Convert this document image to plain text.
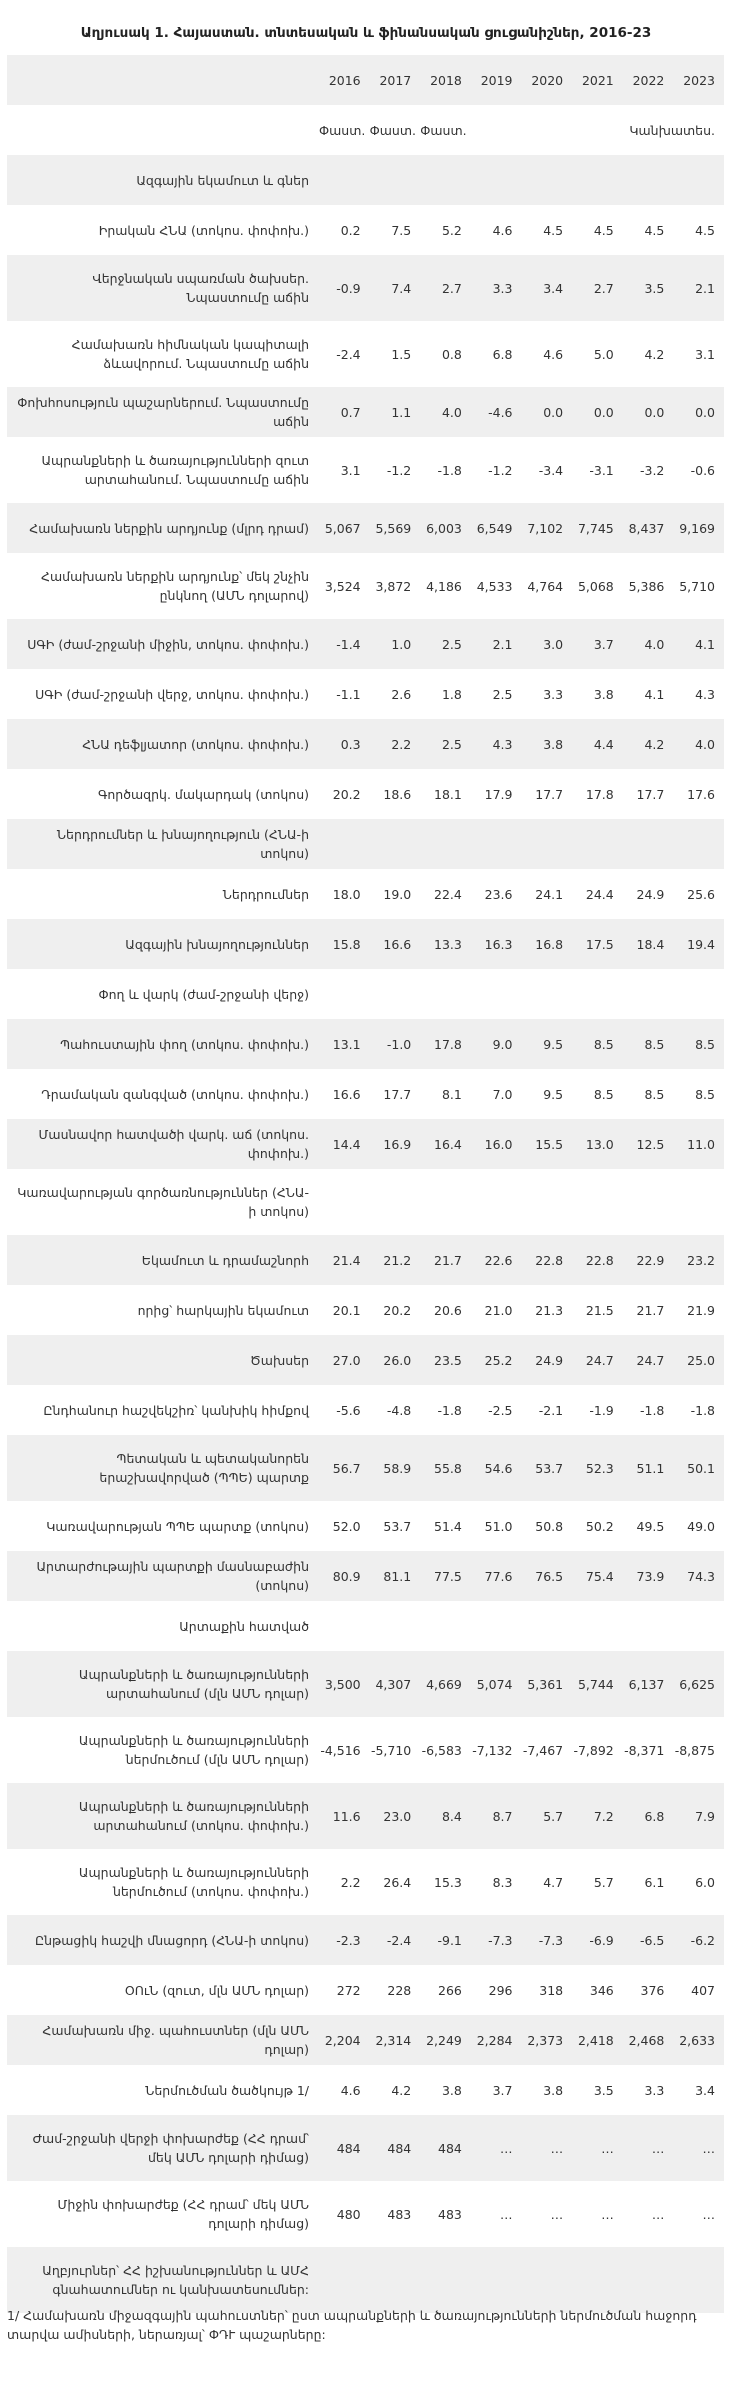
Աղյուսակ 1. Հայաստան. տնտեսական և ֆինանսական ցուցանիշներ, 2016-23
	2016	2017	2018	2019	2020	2021	2022	2023
	Փաստ.	Փաստ.	Փաստ.				Կանխատես.	
Ազգային եկամուտ և գներ								
Իրական ՀՆԱ (տոկոս. փոփոխ.)	0.2	7.5	5.2	4.6	4.5	4.5	4.5	4.5
Վերջնական սպառման ծախսեր. Նպաստումը աճին	-0.9	7.4	2.7	3.3	3.4	2.7	3.5	2.1
Համախառն հիմնական կապիտալի ձևավորում. Նպաստումը աճին	-2.4	1.5	0.8	6.8	4.6	5.0	4.2	3.1
Փոխհոսություն պաշարներում. Նպաստումը աճին	0.7	1.1	4.0	-4.6	0.0	0.0	0.0	0.0
Ապրանքների և ծառայությունների զուտ արտահանում. Նպաստումը աճին	3.1	-1.2	-1.8	-1.2	-3.4	-3.1	-3.2	-0.6
Համախառն ներքին արդյունք (մլրդ դրամ)	5,067	5,569	6,003	6,549	7,102	7,745	8,437	9,169
Համախառն ներքին արդյունք՝ մեկ շնչին ընկնող (ԱՄՆ դոլարով)	3,524	3,872	4,186	4,533	4,764	5,068	5,386	5,710
ՍԳԻ (ժամ-շրջանի միջին, տոկոս. փոփոխ.)	-1.4	1.0	2.5	2.1	3.0	3.7	4.0	4.1
ՍԳԻ (ժամ-շրջանի վերջ, տոկոս. փոփոխ.)	-1.1	2.6	1.8	2.5	3.3	3.8	4.1	4.3
ՀՆԱ դեֆլյատոր (տոկոս. փոփոխ.)	0.3	2.2	2.5	4.3	3.8	4.4	4.2	4.0
Գործազրկ. մակարդակ (տոկոս)	20.2	18.6	18.1	17.9	17.7	17.8	17.7	17.6
Ներդրումներ և խնայողություն (ՀՆԱ-ի տոկոս)								
Ներդրումներ	18.0	19.0	22.4	23.6	24.1	24.4	24.9	25.6
Ազգային խնայողություններ	15.8	16.6	13.3	16.3	16.8	17.5	18.4	19.4
Փող և վարկ (ժամ-շրջանի վերջ)								
Պահուստային փող (տոկոս. փոփոխ.)	13.1	-1.0	17.8	9.0	9.5	8.5	8.5	8.5
Դրամական զանգված (տոկոս. փոփոխ.)	16.6	17.7	8.1	7.0	9.5	8.5	8.5	8.5
Մասնավոր հատվածի վարկ. աճ (տոկոս. փոփոխ.)	14.4	16.9	16.4	16.0	15.5	13.0	12.5	11.0
Կառավարության գործառնություններ (ՀՆԱ-ի տոկոս)								
Եկամուտ և դրամաշնորհ	21.4	21.2	21.7	22.6	22.8	22.8	22.9	23.2
որից՝ հարկային եկամուտ	20.1	20.2	20.6	21.0	21.3	21.5	21.7	21.9
Ծախսեր	27.0	26.0	23.5	25.2	24.9	24.7	24.7	25.0
Ընդհանուր հաշվեկշիռ՝ կանխիկ հիմքով	-5.6	-4.8	-1.8	-2.5	-2.1	-1.9	-1.8	-1.8
Պետական և պետականորեն երաշխավորված (ՊՊԵ) պարտք	56.7	58.9	55.8	54.6	53.7	52.3	51.1	50.1
Կառավարության ՊՊԵ պարտք (տոկոս)	52.0	53.7	51.4	51.0	50.8	50.2	49.5	49.0
Արտարժութային պարտքի մասնաբաժին (տոկոս)	80.9	81.1	77.5	77.6	76.5	75.4	73.9	74.3
Արտաքին հատված								
Ապրանքների և ծառայությունների արտահանում (մլն ԱՄՆ դոլար)	3,500	4,307	4,669	5,074	5,361	5,744	6,137	6,625
Ապրանքների և ծառայությունների ներմուծում (մլն ԱՄՆ դոլար)	-4,516	-5,710	-6,583	-7,132	-7,467	-7,892	-8,371	-8,875
Ապրանքների և ծառայությունների արտահանում (տոկոս. փոփոխ.)	11.6	23.0	8.4	8.7	5.7	7.2	6.8	7.9
Ապրանքների և ծառայությունների ներմուծում (տոկոս. փոփոխ.)	2.2	26.4	15.3	8.3	4.7	5.7	6.1	6.0
Ընթացիկ հաշվի մնացորդ (ՀՆԱ-ի տոկոս)	-2.3	-2.4	-9.1	-7.3	-7.3	-6.9	-6.5	-6.2
ՕՈւՆ (զուտ, մլն ԱՄՆ դոլար)	272	228	266	296	318	346	376	407
Համախառն միջ. պահուստներ (մլն ԱՄՆ դոլար)	2,204	2,314	2,249	2,284	2,373	2,418	2,468	2,633
Ներմուծման ծածկույթ 1/	4.6	4.2	3.8	3.7	3.8	3.5	3.3	3.4
Ժամ-շրջանի վերջի փոխարժեք (ՀՀ դրամ՝ մեկ ԱՄՆ դոլարի դիմաց)	484	484	484	…	…	…	…	…
Միջին փոխարժեք (ՀՀ դրամ՝ մեկ ԱՄՆ դոլարի դիմաց)	480	483	483	…	…	…	…	…
Աղբյուրներ՝ ՀՀ իշխանություններ և ԱՄՀ գնահատումներ ու կանխատեսումներ:								
1/ Համախառն միջազգային պահուստներ՝ ըստ ապրանքների և ծառայությունների ներմուծման հաջորդ տարվա ամիսների, ներառյալ՝ ՓԴՒ պաշարները:
